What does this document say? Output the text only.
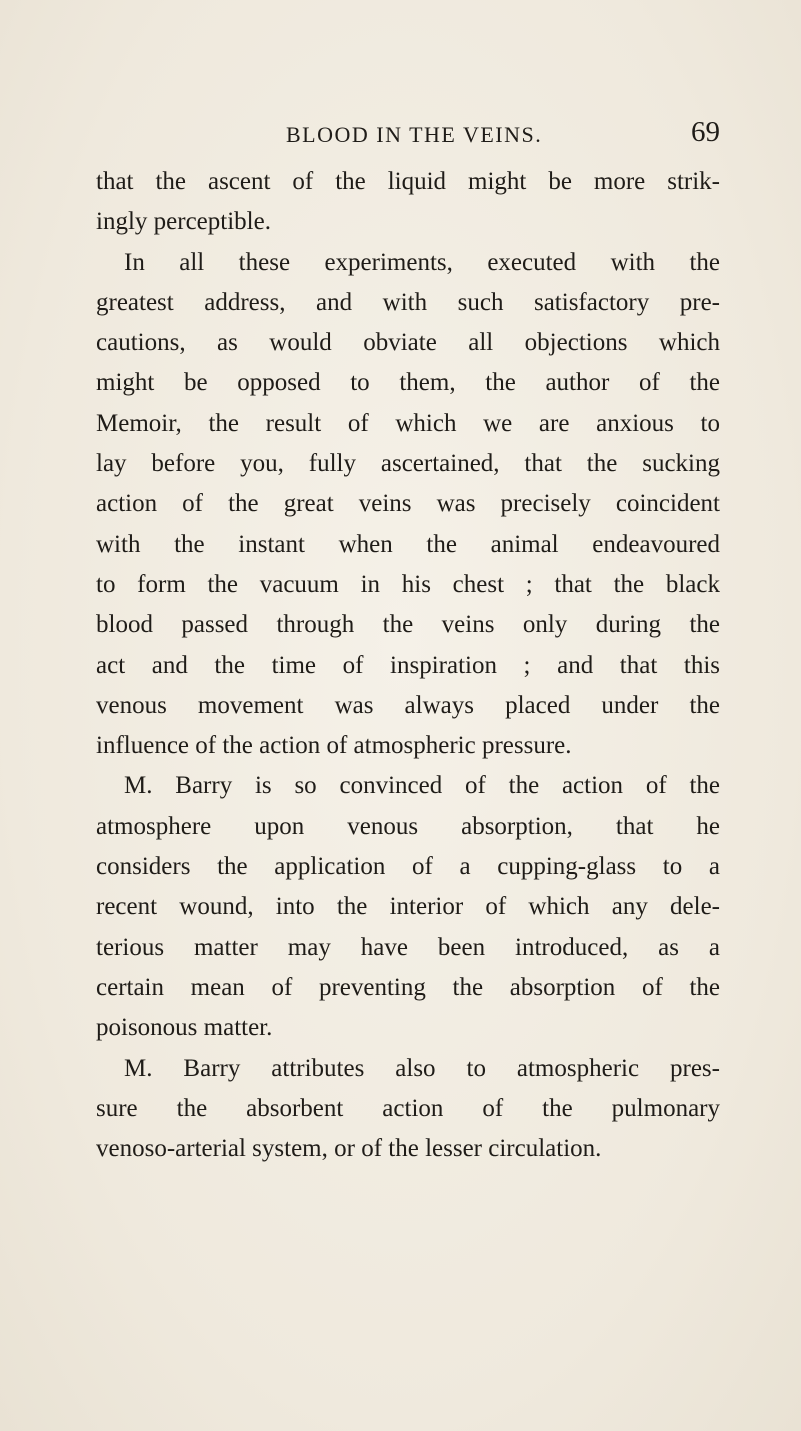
BLOOD IN THE VEINS.	69
that the ascent of the liquid might be more strik-
ingly perceptible.
In all these experiments, executed with the
greatest address, and with such satisfactory pre-
cautions, as would obviate all objections which
might be opposed to them, the author of the
Memoir, the result of which we are anxious to
lay before you, fully ascertained, that the sucking
action of the great veins was precisely coincident
with the instant when the animal endeavoured
to form the vacuum in his chest ; that the black
blood passed through the veins only during the
act and the time of inspiration ; and that this
venous movement was always placed under the
influence of the action of atmospheric pressure.
M. Barry is so convinced of the action of the
atmosphere upon venous absorption, that he
considers the application of a cupping-glass to a
recent wound, into the interior of which any dele-
terious matter may have been introduced, as a
certain mean of preventing the absorption of the
poisonous matter.
M. Barry attributes also to atmospheric pres-
sure the absorbent action of the pulmonary
venoso-arterial system, or of the lesser circulation.
